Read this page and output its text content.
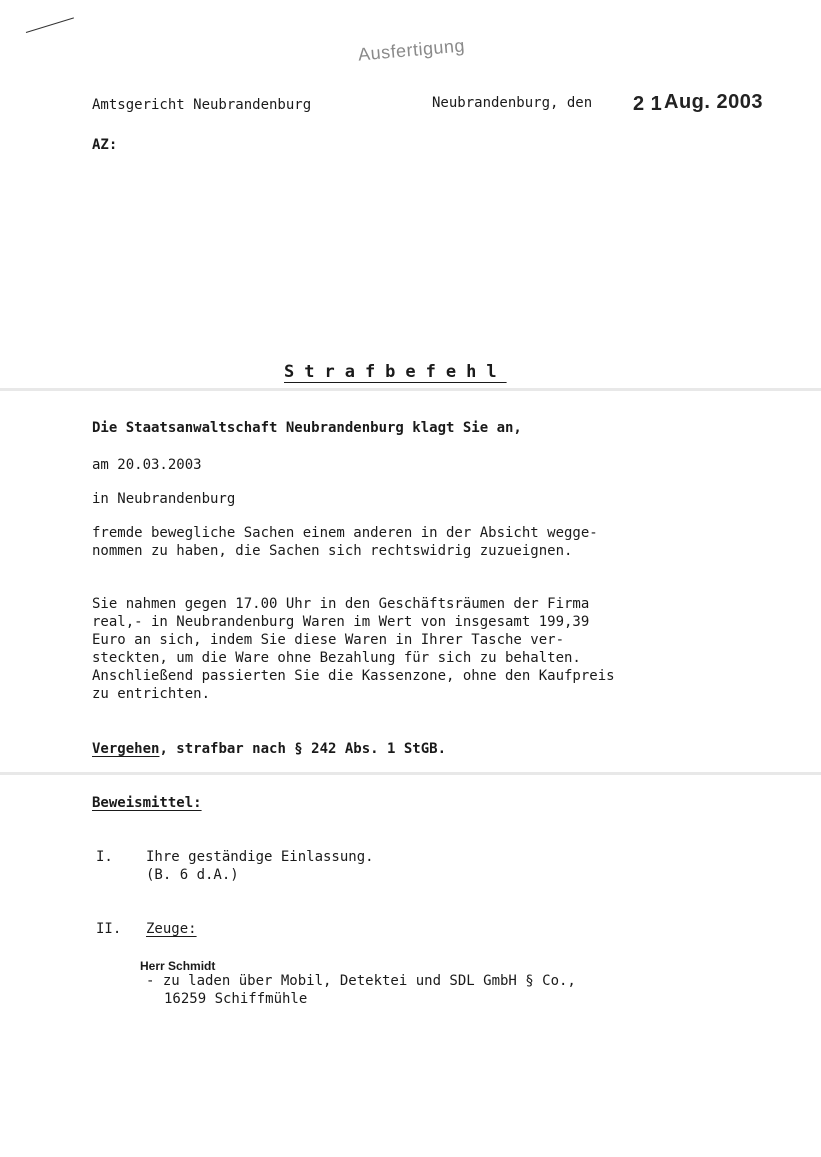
Ausfertigung
Amtsgericht Neubrandenburg	Neubrandenburg, den 2 1 Aug. 2003
AZ:
Strafbefehl
Die Staatsanwaltschaft Neubrandenburg klagt Sie an,
am 20.03.2003
in Neubrandenburg
fremde bewegliche Sachen einem anderen in der Absicht wegge-
nommen zu haben, die Sachen sich rechtswidrig zuzueignen.
Sie nahmen gegen 17.00 Uhr in den Geschäftsräumen der Firma
real,- in Neubrandenburg Waren im Wert von insgesamt 199,39
Euro an sich, indem Sie diese Waren in Ihrer Tasche ver-
steckten, um die Ware ohne Bezahlung für sich zu behalten.
Anschließend passierten Sie die Kassenzone, ohne den Kaufpreis
zu entrichten.
Vergehen, strafbar nach § 242 Abs. 1 StGB.
Beweismittel:
I. Ihre geständige Einlassung.
(B. 6 d.A.)
II. Zeuge:
Herr Schmidt
- zu laden über Mobil, Detektei und SDL GmbH § Co.,
16259 Schiffmühle
